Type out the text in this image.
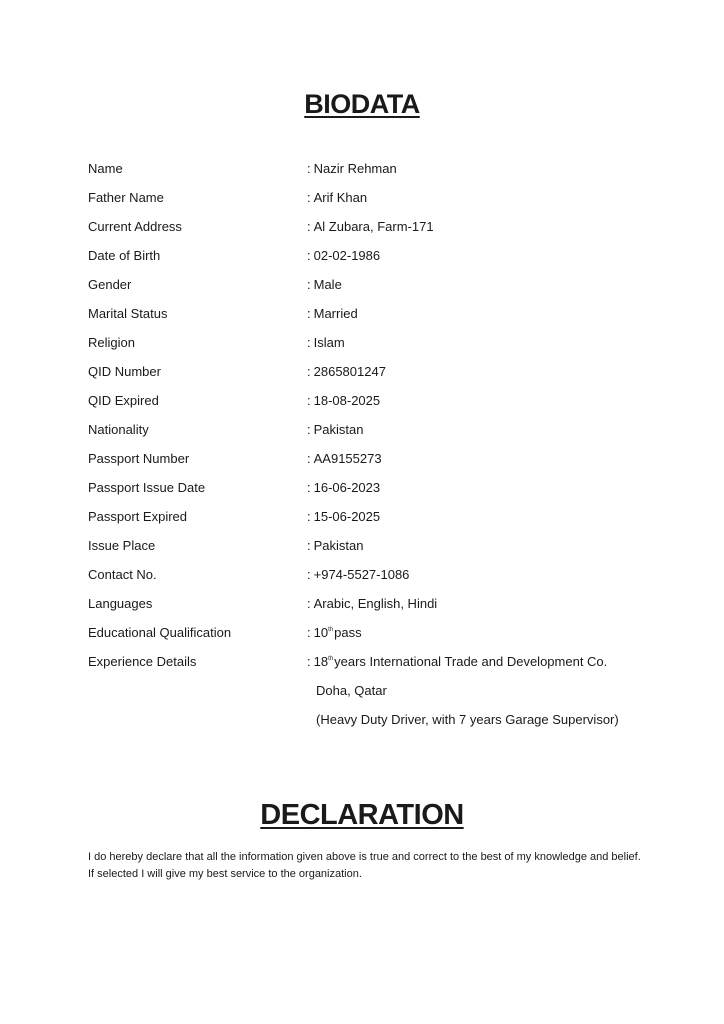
BIODATA
Name	: Nazir Rehman
Father Name	: Arif Khan
Current Address	: Al Zubara, Farm-171
Date of Birth	: 02-02-1986
Gender	: Male
Marital Status	: Married
Religion	: Islam
QID Number	: 2865801247
QID Expired	: 18-08-2025
Nationality	: Pakistan
Passport Number	: AA9155273
Passport Issue Date	: 16-06-2023
Passport Expired	: 15-06-2025
Issue Place	: Pakistan
Contact No.	: +974-5527-1086
Languages	: Arabic, English, Hindi
Educational Qualification	: 10thpass
Experience Details	: 18thyears International Trade and Development Co.
Doha, Qatar
(Heavy Duty Driver, with 7 years Garage Supervisor)
DECLARATION

I do hereby declare that all the information given above is true and correct to the best of my knowledge and belief. If selected I will give my best service to the organization.
